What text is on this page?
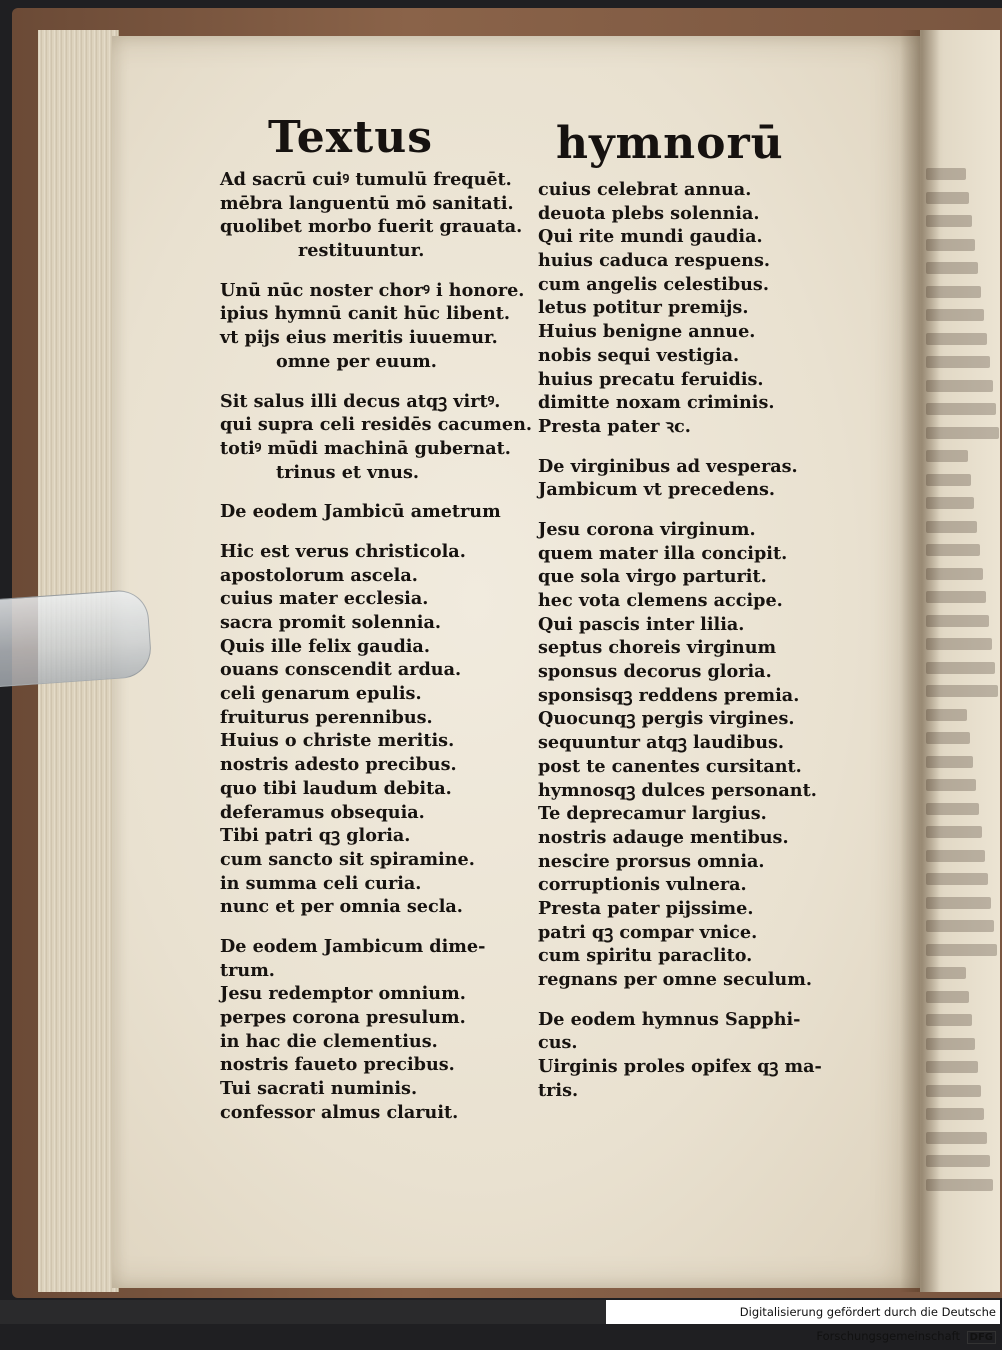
Textus	hymnorū
Ad sacrū cuiꝰ tumulū frequēt.
mēbra languentū mō sanitati.
quolibet morbo fuerit grauata.
restituuntur.
Unū nūc noster chorꝰ i honore.
ipius hymnū canit hūc libent.
vt pijs eius meritis iuuemur.
omne per euum.
Sit salus illi decus atqꝫ virtꝰ.
qui supra celi residēs cacumen.
totiꝰ mūdi machinā gubernat.
trinus et vnus.
De eodem Jambicū ametrum
Hic est verus christicola.
apostolorum ascela.
cuius mater ecclesia.
sacra promit solennia.
Quis ille felix gaudia.
ouans conscendit ardua.
celi genarum epulis.
fruiturus perennibus.
Huius o christe meritis.
nostris adesto precibus.
quo tibi laudum debita.
deferamus obsequia.
Tibi patri qꝫ gloria.
cum sancto sit spiramine.
in summa celi curia.
nunc et per omnia secla.
De eodem Jambicum dime-
trum.
Jesu redemptor omnium.
perpes corona presulum.
in hac die clementius.
nostris faueto precibus.
Tui sacrati numinis.
confessor almus claruit.
cuius celebrat annua.
deuota plebs solennia.
Qui rite mundi gaudia.
huius caduca respuens.
cum angelis celestibus.
letus potitur premijs.
Huius benigne annue.
nobis sequi vestigia.
huius precatu feruidis.
dimitte noxam criminis.
Presta pater ꝛc.
De virginibus ad vesperas.
Jambicum vt precedens.
Jesu corona virginum.
quem mater illa concipit.
que sola virgo parturit.
hec vota clemens accipe.
Qui pascis inter lilia.
septus choreis virginum
sponsus decorus gloria.
sponsisqꝫ reddens premia.
Quocunqꝫ pergis virgines.
sequuntur atqꝫ laudibus.
post te canentes cursitant.
hymnosqꝫ dulces personant.
Te deprecamur largius.
nostris adauge mentibus.
nescire prorsus omnia.
corruptionis vulnera.
Presta pater pijssime.
patri qꝫ compar vnice.
cum spiritu paraclito.
regnans per omne seculum.
De eodem hymnus Sapphi-
cus.
Uirginis proles opifex qꝫ ma-
tris.
Digitalisierung gefördert durch die Deutsche Forschungsgemeinschaft DFG
